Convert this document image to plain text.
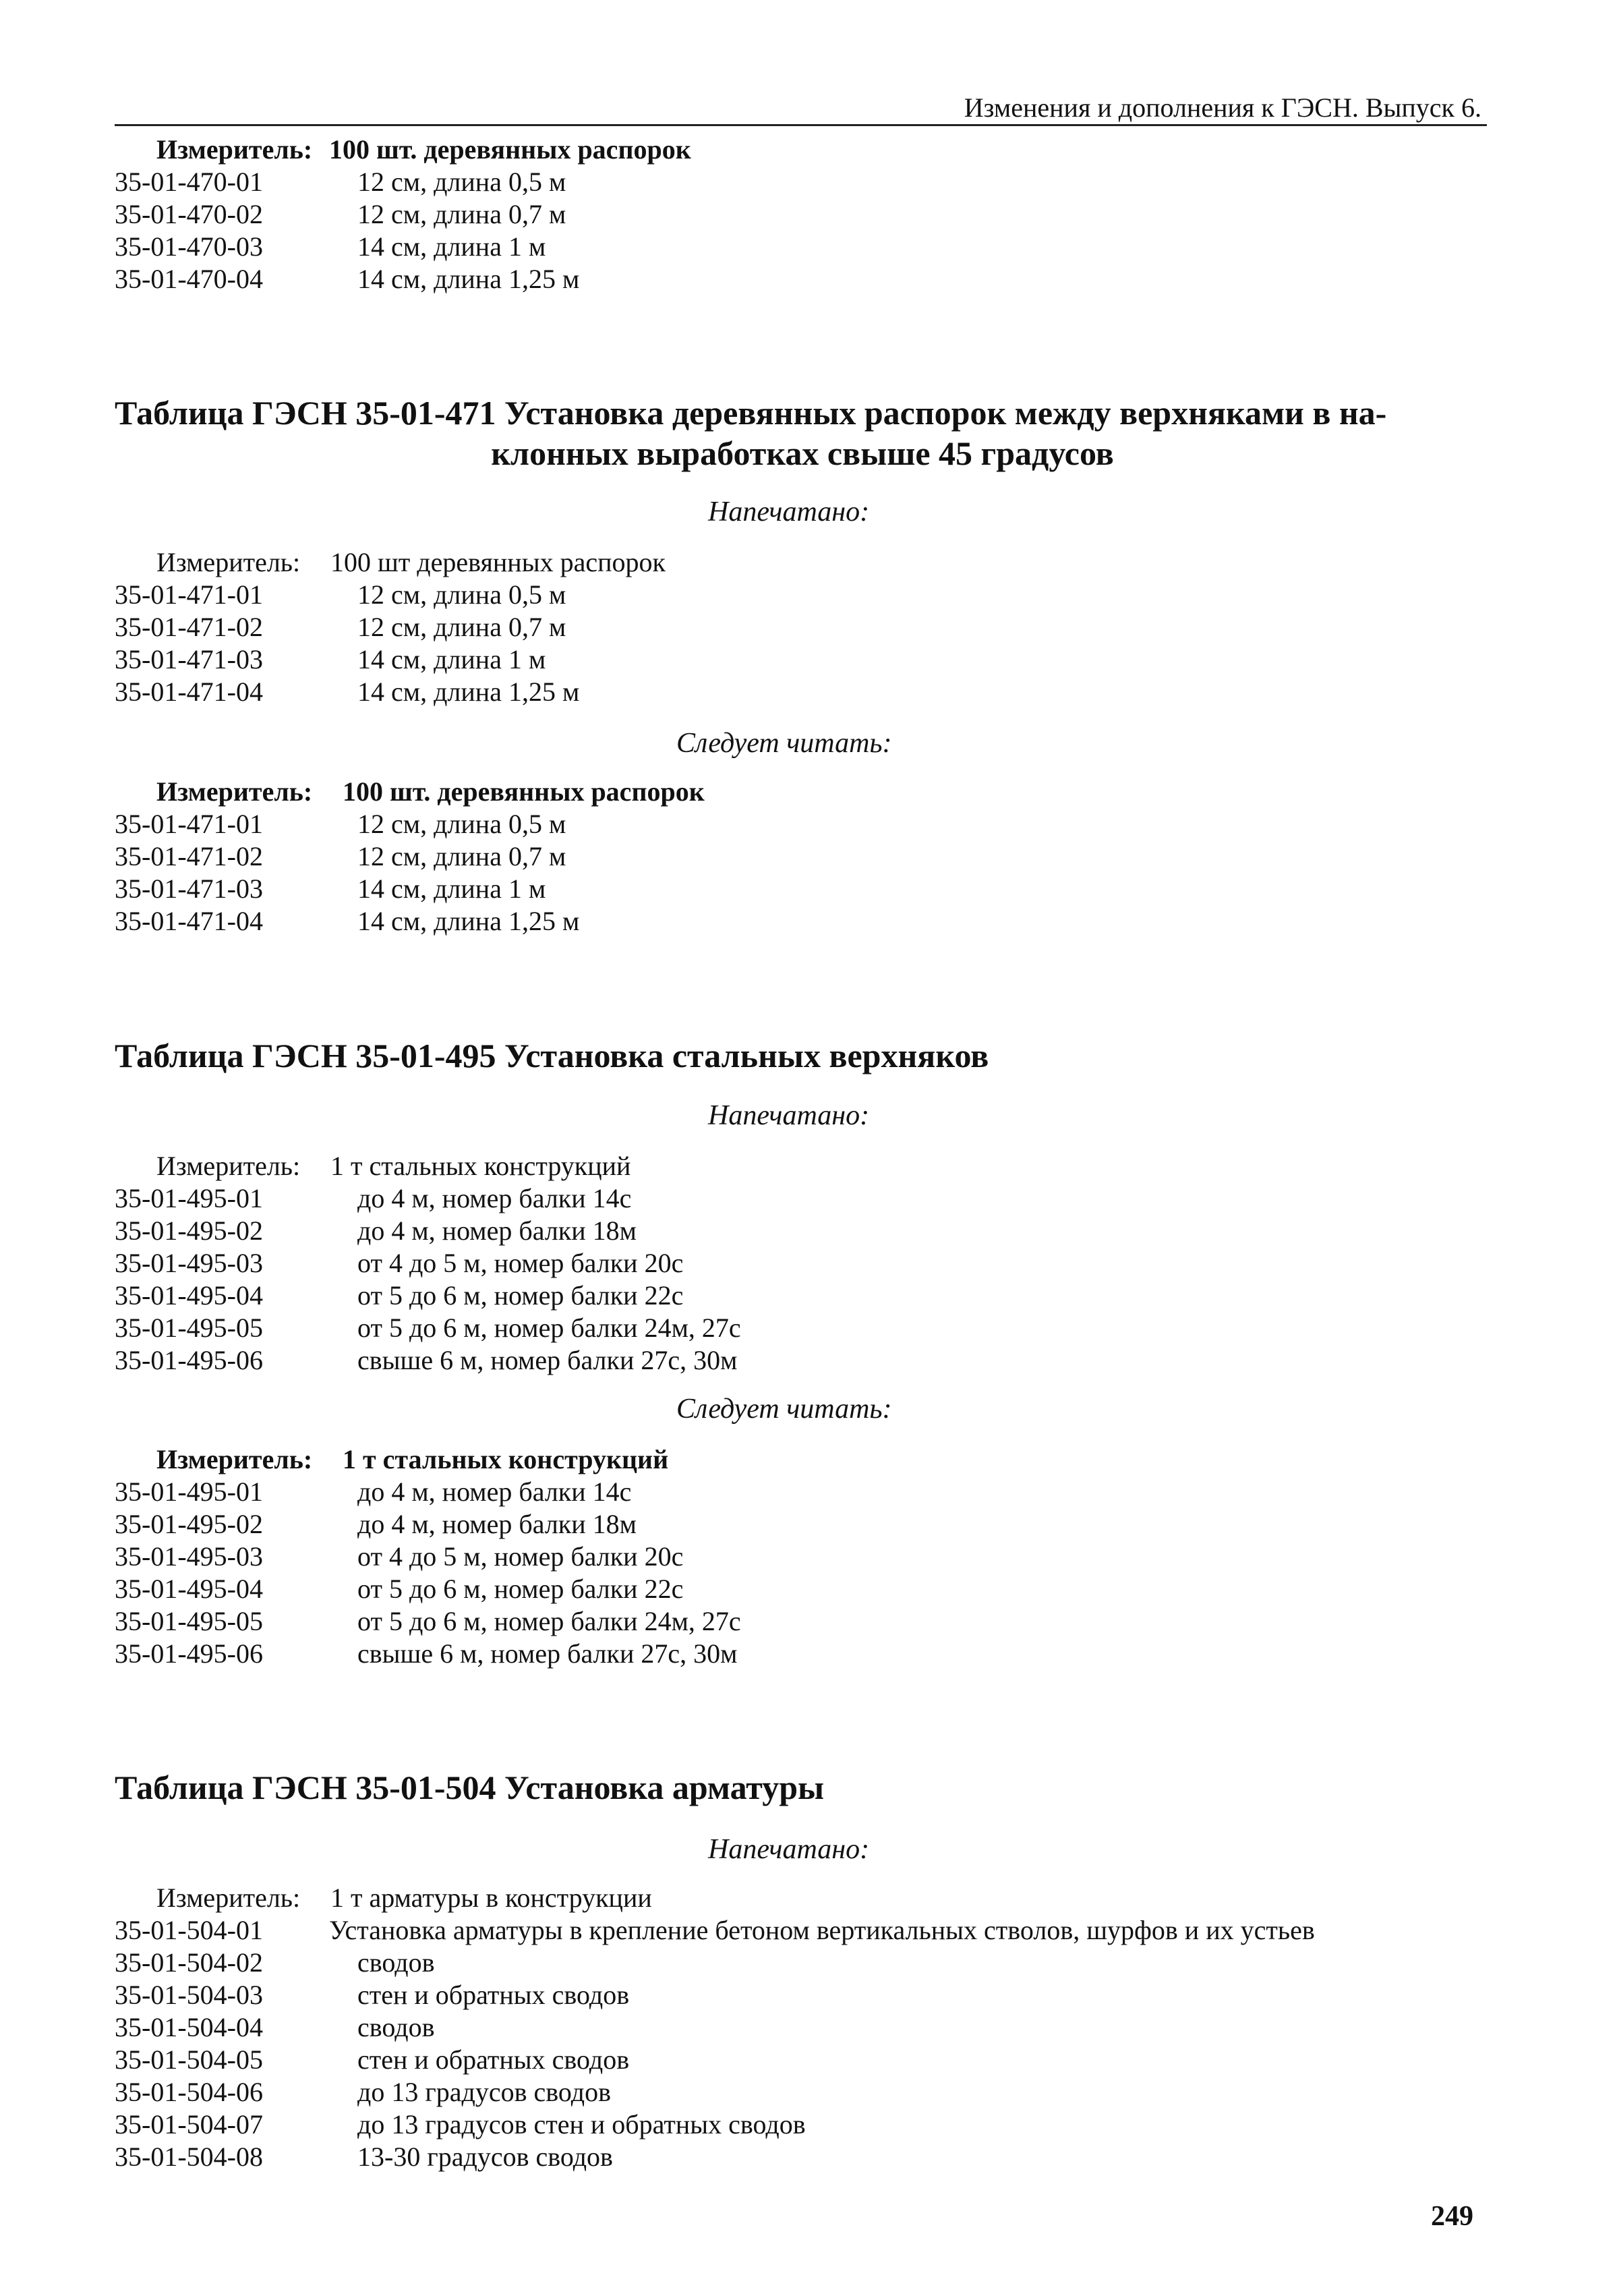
Изменения и дополнения к ГЭСН. Выпуск 6.
Измеритель: 100 шт. деревянных распорок
35-01-470-01	12 см, длина 0,5 м
35-01-470-02	12 см, длина 0,7 м
35-01-470-03	14 см, длина 1 м
35-01-470-04	14 см, длина 1,25 м
Таблица ГЭСН 35-01-471 Установка деревянных распорок между верхняками в на-
клонных выработках свыше 45 градусов
Напечатано:
Измеритель: 100 шт деревянных распорок
35-01-471-01	12 см, длина 0,5 м
35-01-471-02	12 см, длина 0,7 м
35-01-471-03	14 см, длина 1 м
35-01-471-04	14 см, длина 1,25 м
Следует читать:
Измеритель: 100 шт. деревянных распорок
35-01-471-01	12 см, длина 0,5 м
35-01-471-02	12 см, длина 0,7 м
35-01-471-03	14 см, длина 1 м
35-01-471-04	14 см, длина 1,25 м
Таблица ГЭСН 35-01-495 Установка стальных верхняков
Напечатано:
Измеритель: 1 т стальных конструкций
35-01-495-01	до 4 м, номер балки 14с
35-01-495-02	до 4 м, номер балки 18м
35-01-495-03	от 4 до 5 м, номер балки 20с
35-01-495-04	от 5 до 6 м, номер балки 22с
35-01-495-05	от 5 до 6 м, номер балки 24м, 27с
35-01-495-06	свыше 6 м, номер балки 27с, 30м
Следует читать:
Измеритель: 1 т стальных конструкций
35-01-495-01	до 4 м, номер балки 14с
35-01-495-02	до 4 м, номер балки 18м
35-01-495-03	от 4 до 5 м, номер балки 20с
35-01-495-04	от 5 до 6 м, номер балки 22с
35-01-495-05	от 5 до 6 м, номер балки 24м, 27с
35-01-495-06	свыше 6 м, номер балки 27с, 30м
Таблица ГЭСН 35-01-504 Установка арматуры
Напечатано:
Измеритель: 1 т арматуры в конструкции
35-01-504-01 Установка арматуры в крепление бетоном вертикальных стволов, шурфов и их устьев
35-01-504-02	сводов
35-01-504-03	стен и обратных сводов
35-01-504-04	сводов
35-01-504-05	стен и обратных сводов
35-01-504-06	до 13 градусов сводов
35-01-504-07	до 13 градусов стен и обратных сводов
35-01-504-08	13-30 градусов сводов
249
